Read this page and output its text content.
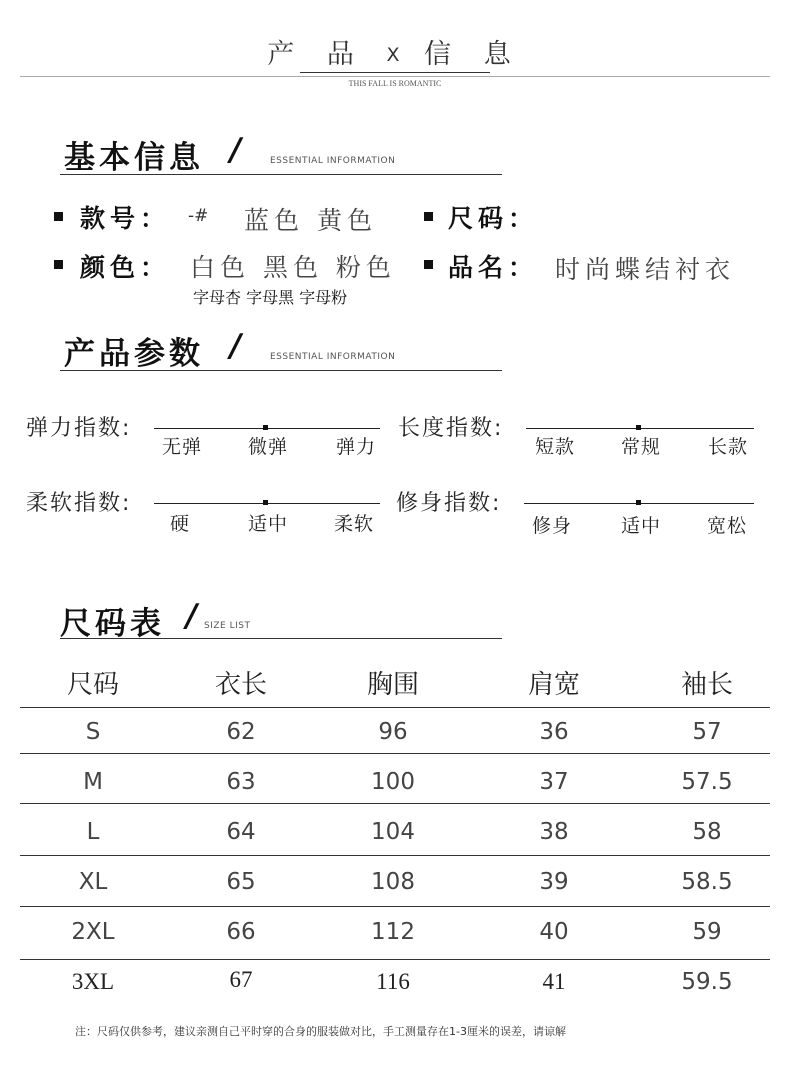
产 品 X 信 息
THIS FALL IS ROMANTIC
基本信息 /	ESSENTIAL INFORMATION
款号： -# 蓝色 黄色	尺码：
颜色： 白色 黑色 粉色
字母杏 字母黑 字母粉
品名： 时尚蝶结衬衣
产品参数 /	ESSENTIAL INFORMATION
弹力指数:
无弹 微弹	弹力
长度指数:
短款 常规 长款
柔软指数:
硬	适中 柔软
修身指数:
修身	适中 宽松
尺码表 / SIZE LIST
尺码	衣长	胸围	肩宽	袖长
S	62	96	36	57
M	63	100	37	57.5
L	64	104	38	58
XL	65	108	39	58.5
2XL	66	112	40	59
3XL	67	116	41	59.5
注：尺码仅供参考，建议亲测自己平时穿的合身的服装做对比，手工测量存在1-3厘米的误差，请谅解
